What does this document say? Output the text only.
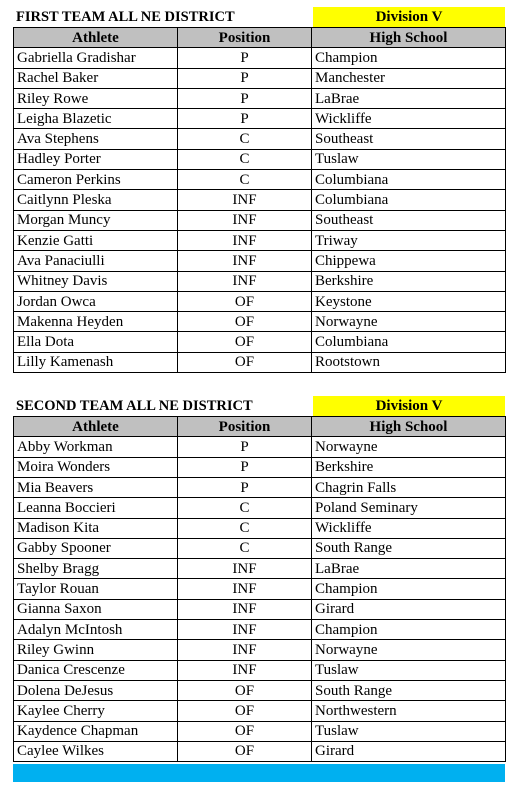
FIRST TEAM ALL NE DISTRICT	Division V
Athlete	Position	High School
Gabriella Gradishar	P	Champion
Rachel Baker	P	Manchester
Riley Rowe	P	LaBrae
Leigha Blazetic	P	Wickliffe
Ava Stephens	C	Southeast
Hadley Porter	C	Tuslaw
Cameron Perkins	C	Columbiana
Caitlynn Pleska	INF	Columbiana
Morgan Muncy	INF	Southeast
Kenzie Gatti	INF	Triway
Ava Panaciulli	INF	Chippewa
Whitney Davis	INF	Berkshire
Jordan Owca	OF	Keystone
Makenna Heyden	OF	Norwayne
Ella Dota	OF	Columbiana
Lilly Kamenash	OF	Rootstown
SECOND TEAM ALL NE DISTRICT	Division V
Athlete	Position	High School
Abby Workman	P	Norwayne
Moira Wonders	P	Berkshire
Mia Beavers	P	Chagrin Falls
Leanna Boccieri	C	Poland Seminary
Madison Kita	C	Wickliffe
Gabby Spooner	C	South Range
Shelby Bragg	INF	LaBrae
Taylor Rouan	INF	Champion
Gianna Saxon	INF	Girard
Adalyn McIntosh	INF	Champion
Riley Gwinn	INF	Norwayne
Danica Crescenze	INF	Tuslaw
Dolena DeJesus	OF	South Range
Kaylee Cherry	OF	Northwestern
Kaydence Chapman	OF	Tuslaw
Caylee Wilkes	OF	Girard
